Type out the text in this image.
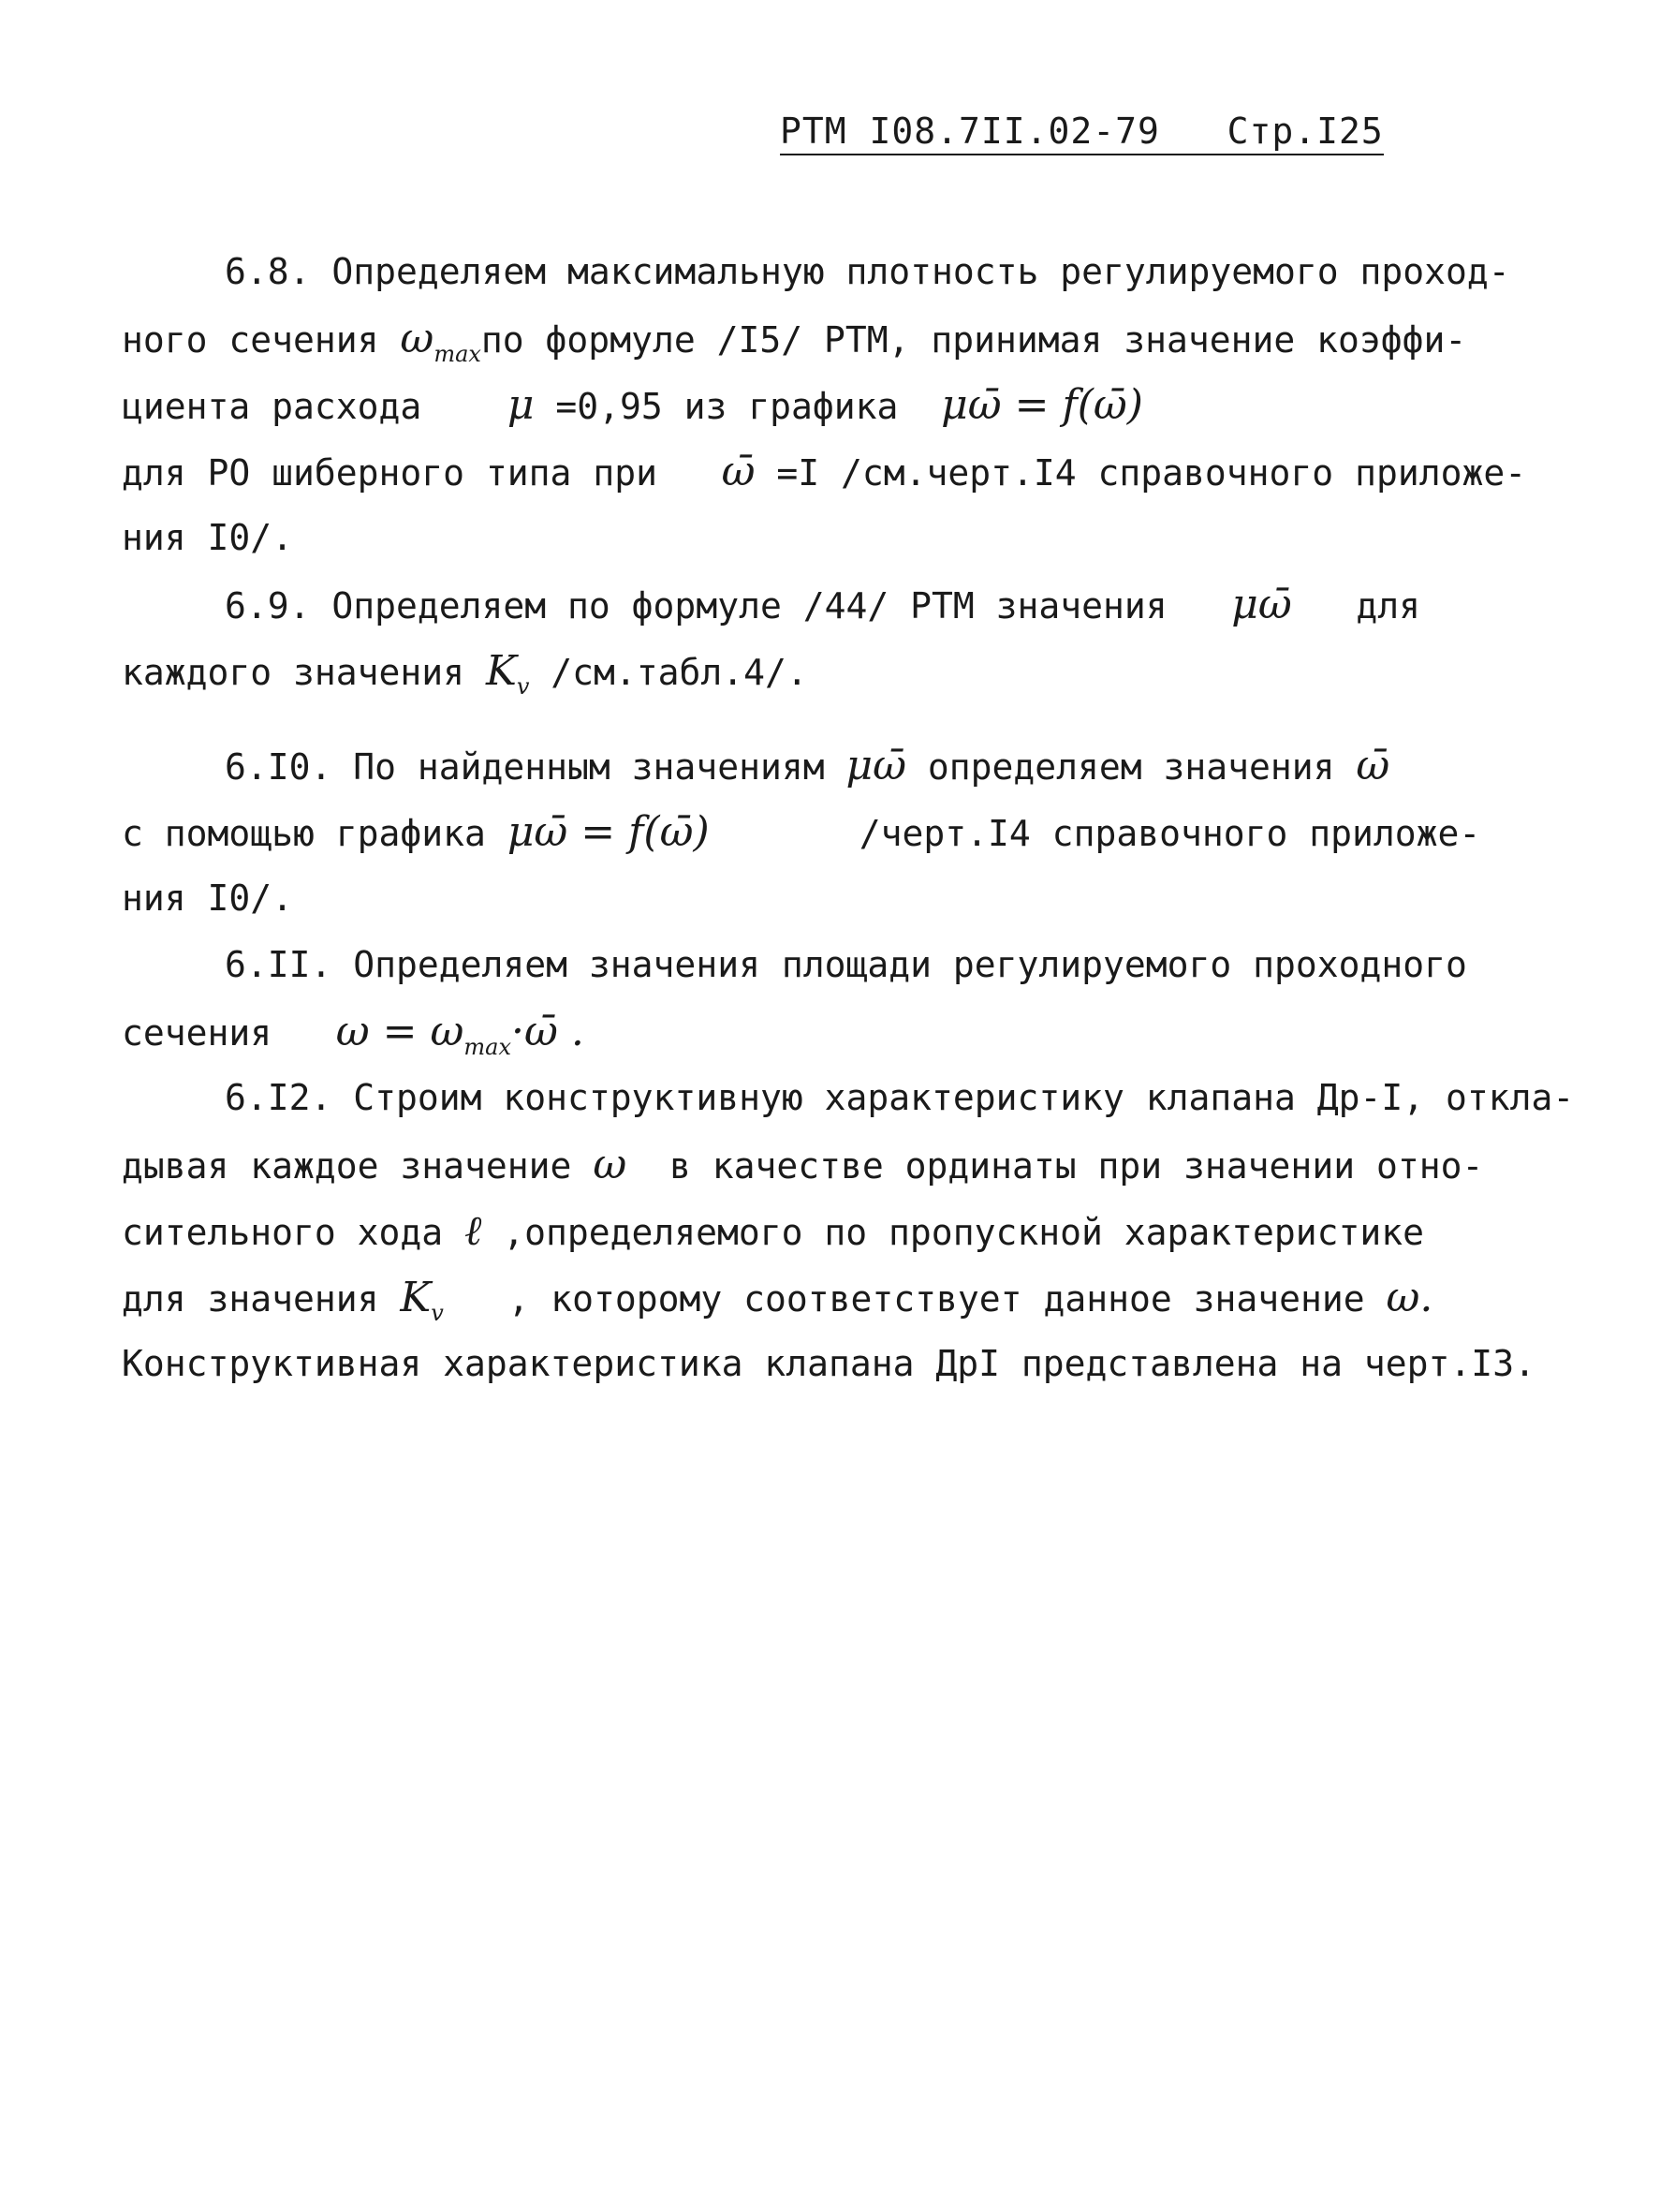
РТМ I08.7II.02-79 Стр.I25
6.8. Определяем максимальную плотность регулируемого проход-
ного сечения $\omega_{max}по$ формуле /I5/ РТМ, принимая значение коэффи-
циента расхода    μ =0,95 из графика  μω̄ = f(ω̄)
для РО шиберного типа при   ω̄ =I /см.черт.I4 справочного приложе-
ния I0/.
6.9. Определяем по формуле /44/ РТМ значения   μω̄   для
каждого значения $K_v$ /см.табл.4/.
6.I0. По найденным значениям μω̄ определяем значения ω̄
с помощью графика μω̄ = f(ω̄)	/черт.I4 справочного приложе-
ния I0/.
6.II. Определяем значения площади регулируемого проходного
сечения   $\omega = \omega_{max}\cdot\omegā$ .
6.I2. Строим конструктивную характеристику клапана Др-I, откла-
дывая каждое значение ω  в качестве ординаты при значении отно-
сительного хода ℓ ,определяемого по пропускной характеристике
для значения $K_v$   , которому соответствует данное значение ω.
Конструктивная характеристика клапана ДрI представлена на черт.I3.
